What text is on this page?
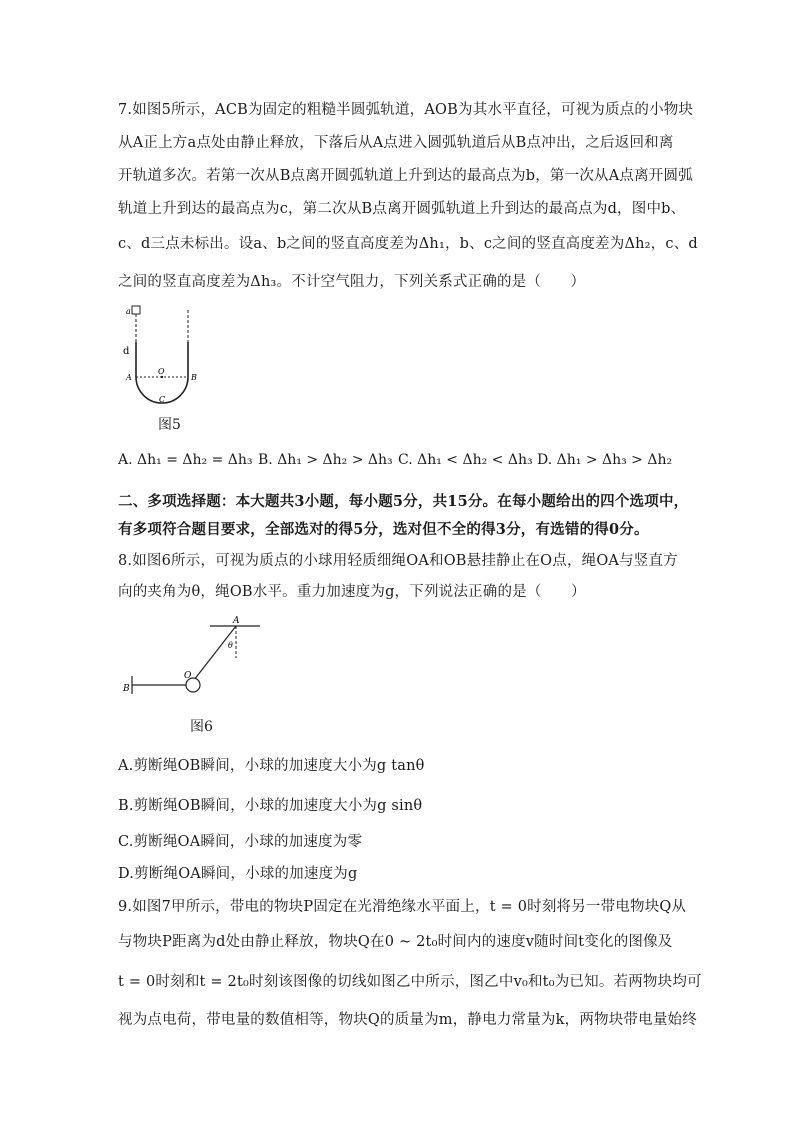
7.如图5所示，ACB为固定的粗糙半圆弧轨道，AOB为其水平直径，可视为质点的小物块
从A正上方a点处由静止释放，下落后从A点进入圆弧轨道后从B点冲出，之后返回和离
开轨道多次。若第一次从B点离开圆弧轨道上升到达的最高点为b，第一次从A点离开圆弧
轨道上升到达的最高点为c，第二次从B点离开圆弧轨道上升到达的最高点为d，图中b、
c、d三点未标出。设a、b之间的竖直高度差为Δh₁，b、c之间的竖直高度差为Δh₂，c、d
之间的竖直高度差为Δh₃。不计空气阻力，下列关系式正确的是（　　）
a
d
A
O
B
C
图5
A. Δh₁ = Δh₂ = Δh₃ B. Δh₁ > Δh₂ > Δh₃ C. Δh₁ < Δh₂ < Δh₃ D. Δh₁ > Δh₃ > Δh₂
二、多项选择题：本大题共3小题，每小题5分，共15分。在每小题给出的四个选项中，
有多项符合题目要求，全部选对的得5分，选对但不全的得3分，有选错的得0分。
8.如图6所示，可视为质点的小球用轻质细绳OA和OB悬挂静止在O点，绳OA与竖直方
向的夹角为θ，绳OB水平。重力加速度为g，下列说法正确的是（　　）
A
θ
O
B
图6
A.剪断绳OB瞬间，小球的加速度大小为g tanθ
B.剪断绳OB瞬间，小球的加速度大小为g sinθ
C.剪断绳OA瞬间，小球的加速度为零
D.剪断绳OA瞬间，小球的加速度为g
9.如图7甲所示，带电的物块P固定在光滑绝缘水平面上，t = 0时刻将另一带电物块Q从
与物块P距离为d处由静止释放，物块Q在0 ~ 2t₀时间内的速度v随时间t变化的图像及
t = 0时刻和t = 2t₀时刻该图像的切线如图乙中所示，图乙中v₀和t₀为已知。若两物块均可
视为点电荷，带电量的数值相等，物块Q的质量为m，静电力常量为k，两物块带电量始终
